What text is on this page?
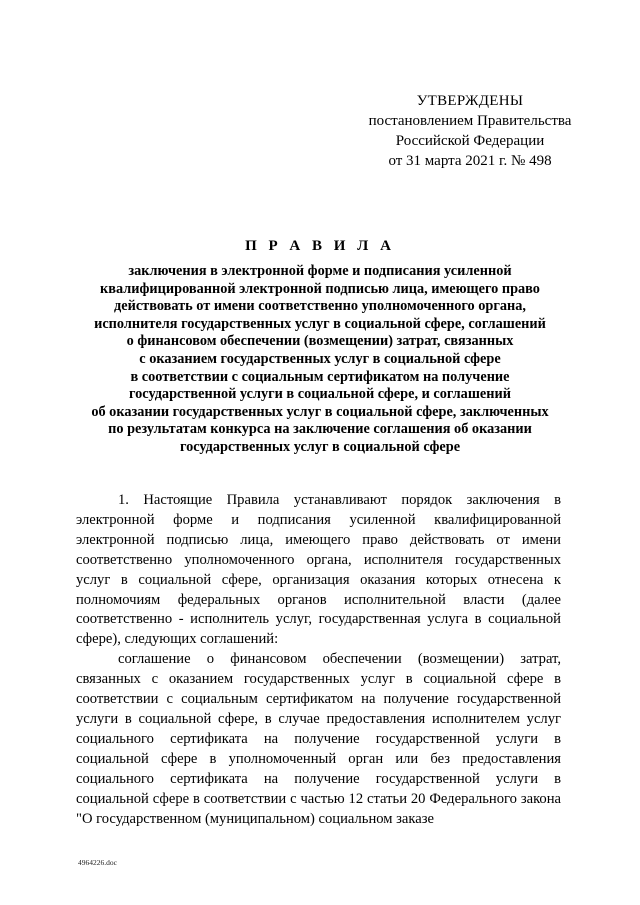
УТВЕРЖДЕНЫ
постановлением Правительства
Российской Федерации
от 31 марта 2021 г. № 498
П Р А В И Л А
заключения в электронной форме и подписания усиленной
квалифицированной электронной подписью лица, имеющего право
действовать от имени соответственно уполномоченного органа,
исполнителя государственных услуг в социальной сфере, соглашений
о финансовом обеспечении (возмещении) затрат, связанных
с оказанием государственных услуг в социальной сфере
в соответствии с социальным сертификатом на получение
государственной услуги в социальной сфере, и соглашений
об оказании государственных услуг в социальной сфере, заключенных
по результатам конкурса на заключение соглашения об оказании
государственных услуг в социальной сфере

1. Настоящие Правила устанавливают порядок заключения в электронной форме и подписания усиленной квалифицированной электронной подписью лица, имеющего право действовать от имени соответственно уполномоченного органа, исполнителя государственных услуг в социальной сфере, организация оказания которых отнесена к полномочиям федеральных органов исполнительной власти (далее соответственно - исполнитель услуг, государственная услуга в социальной сфере), следующих соглашений:

соглашение о финансовом обеспечении (возмещении) затрат, связанных с оказанием государственных услуг в социальной сфере в соответствии с социальным сертификатом на получение государственной услуги в социальной сфере, в случае предоставления исполнителем услуг социального сертификата на получение государственной услуги в социальной сфере в уполномоченный орган или без предоставления социального сертификата на получение государственной услуги в социальной сфере в соответствии с частью 12 статьи 20 Федерального закона "О государственном (муниципальном) социальном заказе

4964226.doc
